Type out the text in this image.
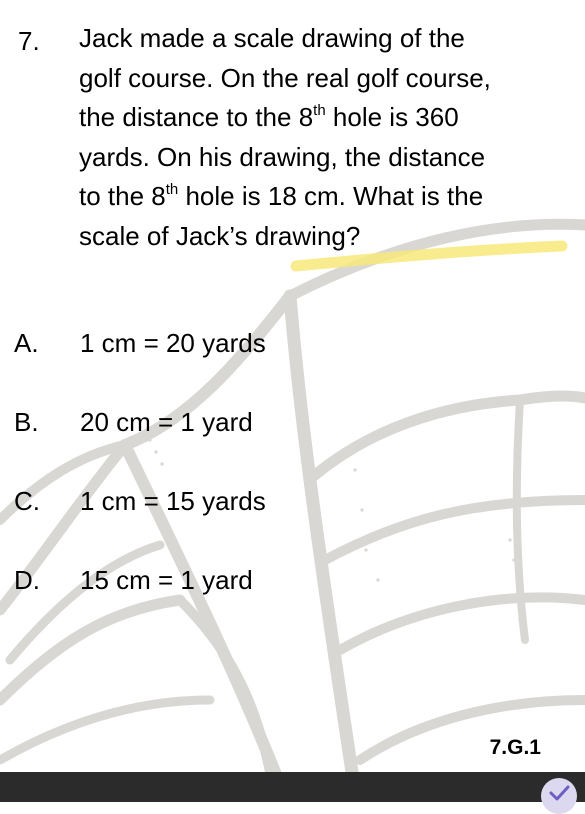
7. Jack made a scale drawing of the
golf course. On the real golf course,
the distance to the 8th hole is 360
yards. On his drawing, the distance
to the 8th hole is 18 cm. What is the
scale of Jack’s drawing?
A. 1 cm = 20 yards
B. 20 cm = 1 yard
C. 1 cm = 15 yards
D. 15 cm = 1 yard
7.G.1
